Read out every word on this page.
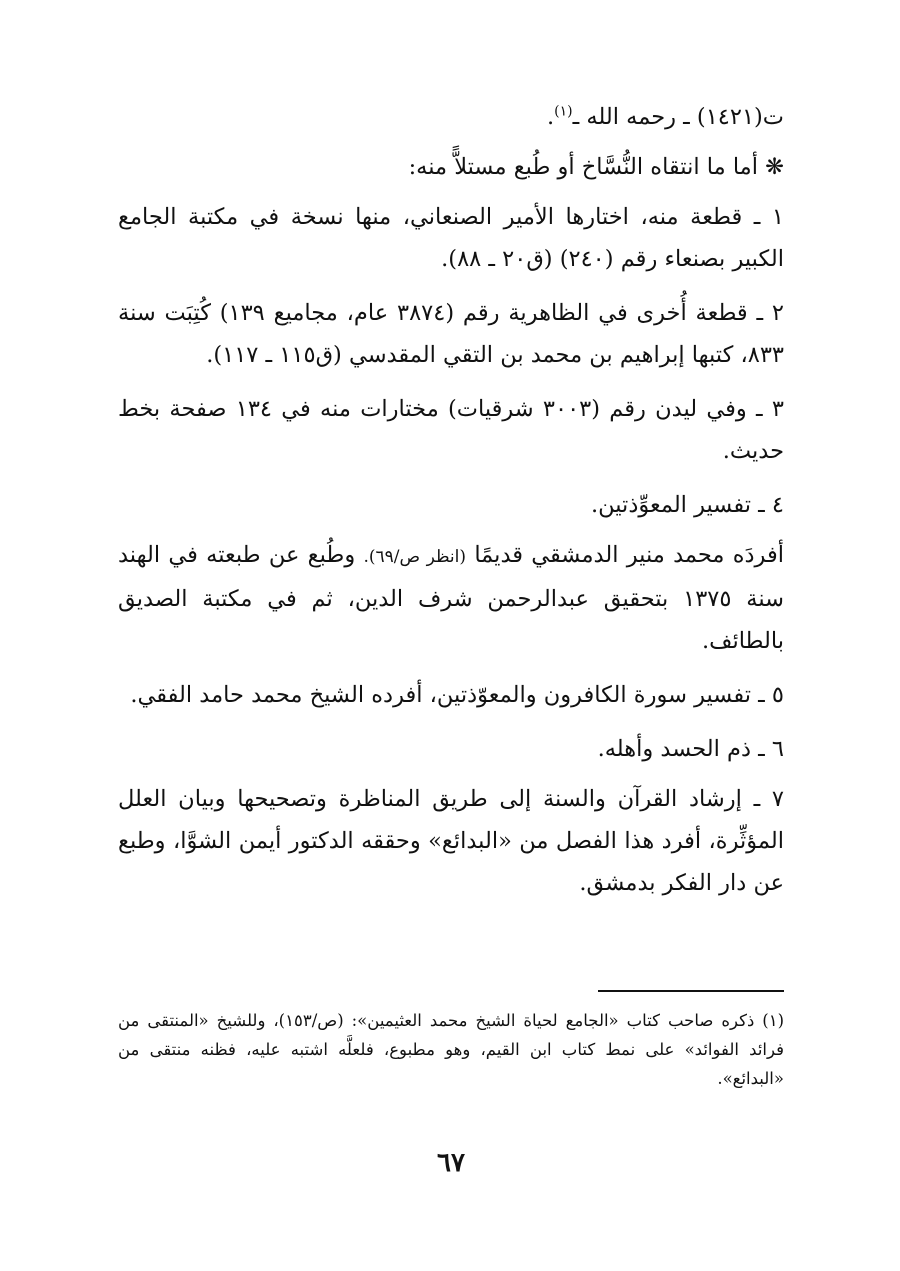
ت(١٤٢١) ـ رحمه الله ـ$^{(١)}$.

❋ أما ما انتقاه النُّسَّاخ أو طُبع مستلاًّ منه:

١ ـ قطعة منه، اختارها الأمير الصنعاني، منها نسخة في مكتبة الجامع الكبير بصنعاء رقم (٢٤٠) (ق٢٠ ـ ٨٨).

٢ ـ قطعة أُخرى في الظاهرية رقم (٣٨٧٤ عام، مجاميع ١٣٩) كُتِبَت سنة ٨٣٣، كتبها إبراهيم بن محمد بن التقي المقدسي (ق١١٥ ـ ١١٧).

٣ ـ وفي ليدن رقم (٣٠٠٣ شرقيات) مختارات منه في ١٣٤ صفحة بخط حديث.

٤ ـ تفسير المعوِّذتين.

أفردَه محمد منير الدمشقي قديمًا (انظر ص/٦٩). وطُبع عن طبعته في الهند سنة ١٣٧٥ بتحقيق عبدالرحمن شرف الدين، ثم في مكتبة الصديق بالطائف.

٥ ـ تفسير سورة الكافرون والمعوّذتين، أفرده الشيخ محمد حامد الفقي.

٦ ـ ذم الحسد وأهله.

٧ ـ إرشاد القرآن والسنة إلى طريق المناظرة وتصحيحها وبيان العلل المؤثِّرة، أفرد هذا الفصل من «البدائع» وحققه الدكتور أيمن الشوَّا، وطبع عن دار الفكر بدمشق.

(١) ذكره صاحب كتاب «الجامع لحياة الشيخ محمد العثيمين»: (ص/١٥٣)، وللشيخ «المنتقى من فرائد الفوائد» على نمط كتاب ابن القيم، وهو مطبوع، فلعلَّه اشتبه عليه، فظنه منتقى من «البدائع».

٦٧
